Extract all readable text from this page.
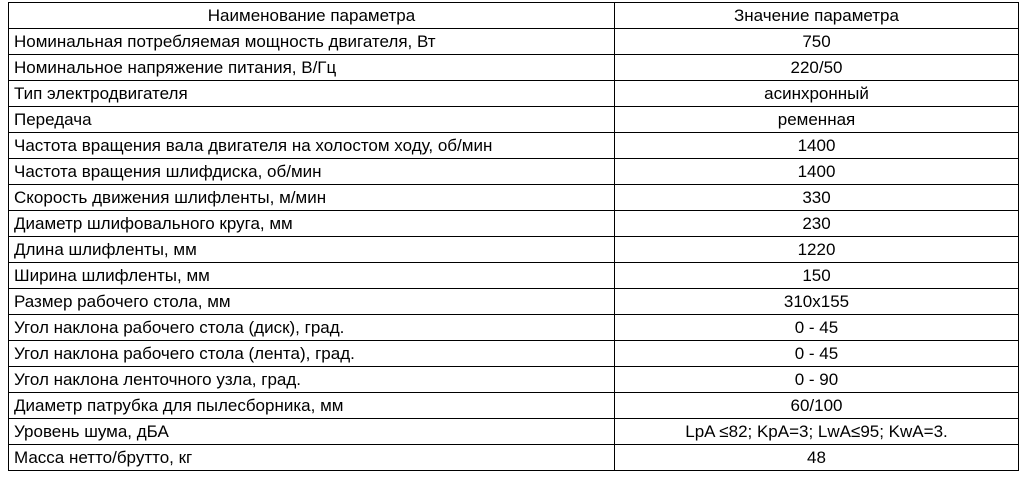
Наименование параметра	Значение параметра
Номинальная потребляемая мощность двигателя, Вт	750
Номинальное напряжение питания, В/Гц	220/50
Тип электродвигателя	асинхронный
Передача	ременная
Частота вращения вала двигателя на холостом ходу, об/мин	1400
Частота вращения шлифдиска, об/мин	1400
Скорость движения шлифленты, м/мин	330
Диаметр шлифовального круга, мм	230
Длина шлифленты, мм	1220
Ширина шлифленты, мм	150
Размер рабочего стола, мм	310x155
Угол наклона рабочего стола (диск), град.	0 - 45
Угол наклона рабочего стола (лента), град.	0 - 45
Угол наклона ленточного узла, град.	0 - 90
Диаметр патрубка для пылесборника, мм	60/100
Уровень шума, дБА	LpA ≤82; KpA=3; LwA≤95; KwA=3.
Масса нетто/брутто, кг	48
